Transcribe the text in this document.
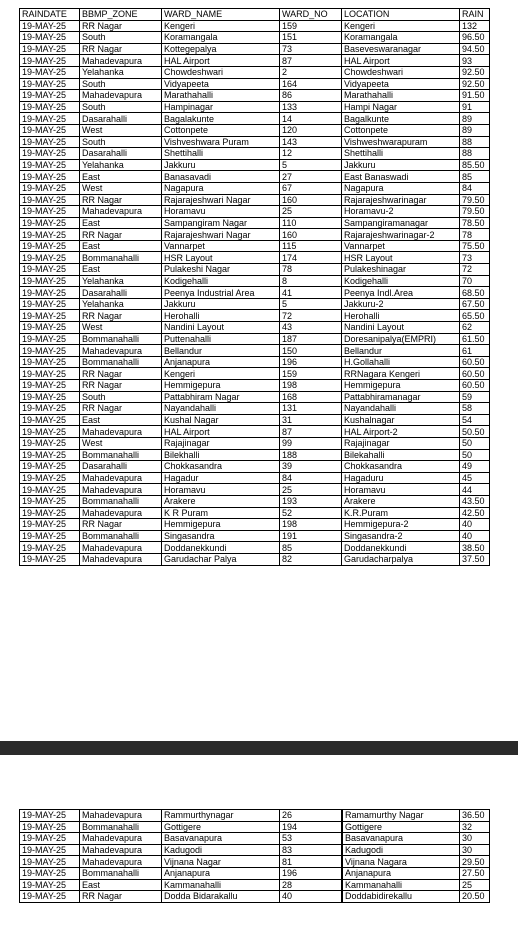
RAINDATE	BBMP_ZONE	WARD_NAME	WARD_NO	LOCATION	RAIN
19-MAY-25	RR Nagar	Kengeri	159	Kengeri	132
19-MAY-25	South	Koramangala	151	Koramangala	96.50
19-MAY-25	RR Nagar	Kottegepalya	73	Baseveswaranagar	94.50
19-MAY-25	Mahadevapura	HAL Airport	87	HAL Airport	93
19-MAY-25	Yelahanka	Chowdeshwari	2	Chowdeshwari	92.50
19-MAY-25	South	Vidyapeeta	164	Vidyapeeta	92.50
19-MAY-25	Mahadevapura	Marathahalli	86	Marathahalli	91.50
19-MAY-25	South	Hampinagar	133	Hampi Nagar	91
19-MAY-25	Dasarahalli	Bagalakunte	14	Bagalkunte	89
19-MAY-25	West	Cottonpete	120	Cottonpete	89
19-MAY-25	South	Vishveshwara Puram	143	Vishweshwarapuram	88
19-MAY-25	Dasarahalli	Shettihalli	12	Shettihalli	88
19-MAY-25	Yelahanka	Jakkuru	5	Jakkuru	85.50
19-MAY-25	East	Banasavadi	27	East Banaswadi	85
19-MAY-25	West	Nagapura	67	Nagapura	84
19-MAY-25	RR Nagar	Rajarajeshwari Nagar	160	Rajarajeshwarinagar	79.50
19-MAY-25	Mahadevapura	Horamavu	25	Horamavu-2	79.50
19-MAY-25	East	Sampangiram Nagar	110	Sampangiramanagar	78.50
19-MAY-25	RR Nagar	Rajarajeshwari Nagar	160	Rajarajeshwarinagar-2	78
19-MAY-25	East	Vannarpet	115	Vannarpet	75.50
19-MAY-25	Bommanahalli	HSR Layout	174	HSR Layout	73
19-MAY-25	East	Pulakeshi Nagar	78	Pulakeshinagar	72
19-MAY-25	Yelahanka	Kodigehalli	8	Kodigehalli	70
19-MAY-25	Dasarahalli	Peenya Industrial Area	41	Peenya Indl.Area	68.50
19-MAY-25	Yelahanka	Jakkuru	5	Jakkuru-2	67.50
19-MAY-25	RR Nagar	Herohalli	72	Herohalli	65.50
19-MAY-25	West	Nandini Layout	43	Nandini Layout	62
19-MAY-25	Bommanahalli	Puttenahalli	187	Doresanipalya(EMPRI)	61.50
19-MAY-25	Mahadevapura	Bellandur	150	Bellandur	61
19-MAY-25	Bommanahalli	Anjanapura	196	H.Gollahalli	60.50
19-MAY-25	RR Nagar	Kengeri	159	RRNagara Kengeri	60.50
19-MAY-25	RR Nagar	Hemmigepura	198	Hemmigepura	60.50
19-MAY-25	South	Pattabhiram Nagar	168	Pattabhiramanagar	59
19-MAY-25	RR Nagar	Nayandahalli	131	Nayandahalli	58
19-MAY-25	East	Kushal Nagar	31	Kushalnagar	54
19-MAY-25	Mahadevapura	HAL Airport	87	HAL Airport-2	50.50
19-MAY-25	West	Rajajinagar	99	Rajajinagar	50
19-MAY-25	Bommanahalli	Bilekhalli	188	Bilekahalli	50
19-MAY-25	Dasarahalli	Chokkasandra	39	Chokkasandra	49
19-MAY-25	Mahadevapura	Hagadur	84	Hagaduru	45
19-MAY-25	Mahadevapura	Horamavu	25	Horamavu	44
19-MAY-25	Bommanahalli	Arakere	193	Arakere	43.50
19-MAY-25	Mahadevapura	K R Puram	52	K.R.Puram	42.50
19-MAY-25	RR Nagar	Hemmigepura	198	Hemmigepura-2	40
19-MAY-25	Bommanahalli	Singasandra	191	Singasandra-2	40
19-MAY-25	Mahadevapura	Doddanekkundi	85	Doddanekkundi	38.50
19-MAY-25	Mahadevapura	Garudachar Palya	82	Garudacharpalya	37.50
19-MAY-25	Mahadevapura	Rammurthynagar	26		Ramamurthy Nagar	36.50
19-MAY-25	Bommanahalli	Gottigere	194		Gottigere	32
19-MAY-25	Mahadevapura	Basavanapura	53		Basavanapura	30
19-MAY-25	Mahadevapura	Kadugodi	83		Kadugodi	30
19-MAY-25	Mahadevapura	Vijnana Nagar	81		Vijnana Nagara	29.50
19-MAY-25	Bommanahalli	Anjanapura	196		Anjanapura	27.50
19-MAY-25	East	Kammanahalli	28		Kammanahalli	25
19-MAY-25	RR Nagar	Dodda Bidarakallu	40		Doddabidirekallu	20.50
